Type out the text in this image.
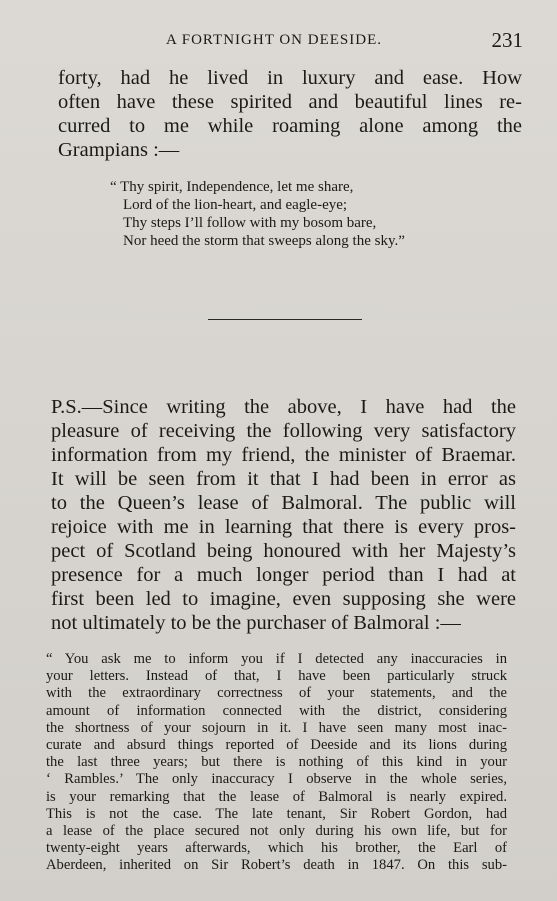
A FORTNIGHT ON DEESIDE.	231
forty, had he lived in luxury and ease. How
often have these spirited and beautiful lines re-
curred to me while roaming alone among the
Grampians :—
“ Thy spirit, Independence, let me share,
Lord of the lion-heart, and eagle-eye;
Thy steps I’ll follow with my bosom bare,
Nor heed the storm that sweeps along the sky.”
P.S.—Since writing the above, I have had the
pleasure of receiving the following very satisfactory
information from my friend, the minister of Braemar.
It will be seen from it that I had been in error as
to the Queen’s lease of Balmoral. The public will
rejoice with me in learning that there is every pros-
pect of Scotland being honoured with her Majesty’s
presence for a much longer period than I had at
first been led to imagine, even supposing she were
not ultimately to be the purchaser of Balmoral :—
“ You ask me to inform you if I detected any inaccuracies in
your letters. Instead of that, I have been particularly struck
with the extraordinary correctness of your statements, and the
amount of information connected with the district, considering
the shortness of your sojourn in it. I have seen many most inac-
curate and absurd things reported of Deeside and its lions during
the last three years; but there is nothing of this kind in your
‘ Rambles.’ The only inaccuracy I observe in the whole series,
is your remarking that the lease of Balmoral is nearly expired.
This is not the case. The late tenant, Sir Robert Gordon, had
a lease of the place secured not only during his own life, but for
twenty-eight years afterwards, which his brother, the Earl of
Aberdeen, inherited on Sir Robert’s death in 1847. On this sub-
